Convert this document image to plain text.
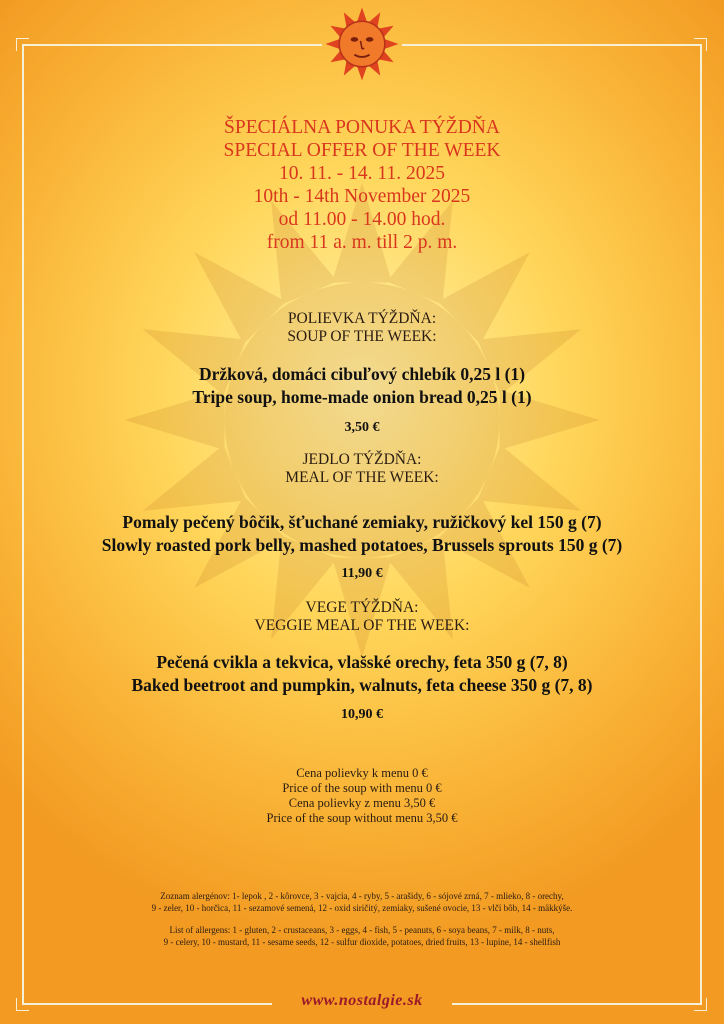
ŠPECIÁLNA PONUKA TÝŽDŇA

SPECIAL OFFER OF THE WEEK

10. 11. - 14. 11. 2025

10th - 14th November 2025

od 11.00 - 14.00 hod.

from 11 a. m. till 2 p. m.

POLIEVKA TÝŽDŇA:

SOUP OF THE WEEK:

Držková, domáci cibuľový chlebík 0,25 l (1)

Tripe soup, home-made onion bread 0,25 l (1)

3,50 €

JEDLO TÝŽDŇA:

MEAL OF THE WEEK:

Pomaly pečený bôčik, šťuchané zemiaky, ružičkový kel 150 g (7)

Slowly roasted pork belly, mashed potatoes, Brussels sprouts 150 g (7)

11,90 €

VEGE TÝŽDŇA:

VEGGIE MEAL OF THE WEEK:

Pečená cvikla a tekvica, vlašské orechy, feta 350 g (7, 8)

Baked beetroot and pumpkin, walnuts, feta cheese 350 g (7, 8)

10,90 €

Cena polievky k menu 0 €

Price of the soup with menu 0 €

Cena polievky z menu 3,50 €

Price of the soup without menu 3,50 €

Zoznam alergénov: 1- lepok , 2 - kôrovce, 3 - vajcia, 4 - ryby, 5 - arašidy, 6 - sójové zrná, 7 - mlieko, 8 - orechy,

9 - zeler, 10 - horčica, 11 - sezamové semená, 12 - oxid siričitý, zemiaky, sušené ovocie, 13 - vlčí bôb, 14 - mäkkýše.

List of allergens: 1 - gluten, 2 - crustaceans, 3 - eggs, 4 - fish, 5 - peanuts, 6 - soya beans, 7 - milk, 8 - nuts,

9 - celery, 10 - mustard, 11 - sesame seeds, 12 - sulfur dioxide, potatoes, dried fruits, 13 - lupine, 14 - shellfish

www.nostalgie.sk
